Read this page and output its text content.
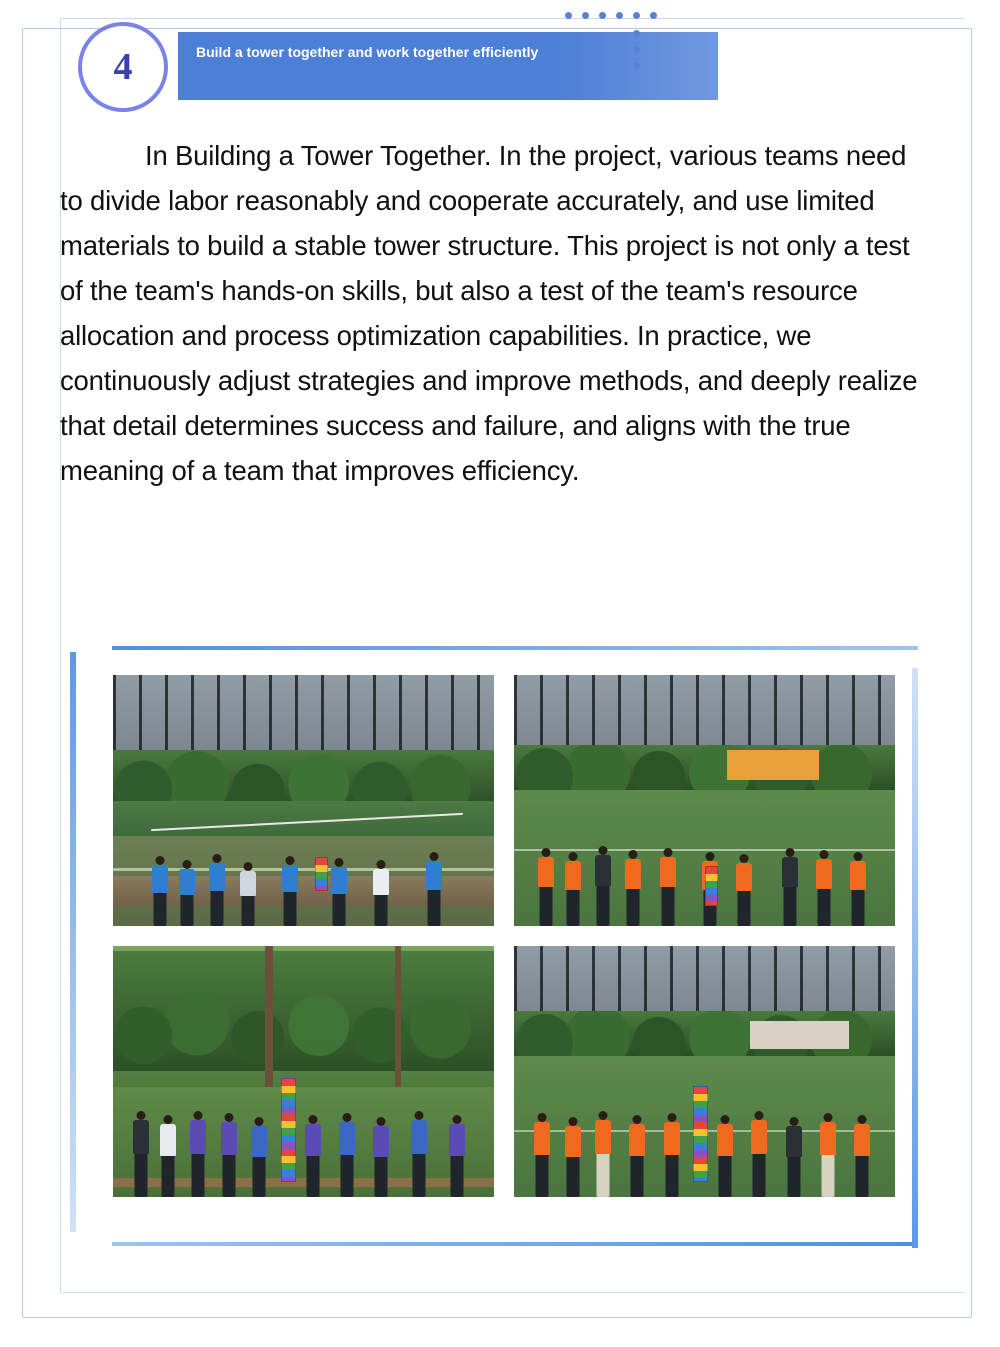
Build a tower together and work together efficiently
4
In Building a Tower Together. In the project, various teams need to divide labor reasonably and cooperate accurately, and use limited materials to build a stable tower structure. This project is not only a test of the team's hands-on skills, but also a test of the team's resource allocation and process optimization capabilities. In practice, we continuously adjust strategies and improve methods, and deeply realize that detail determines success and failure, and aligns with the true meaning of a team that improves efficiency.
